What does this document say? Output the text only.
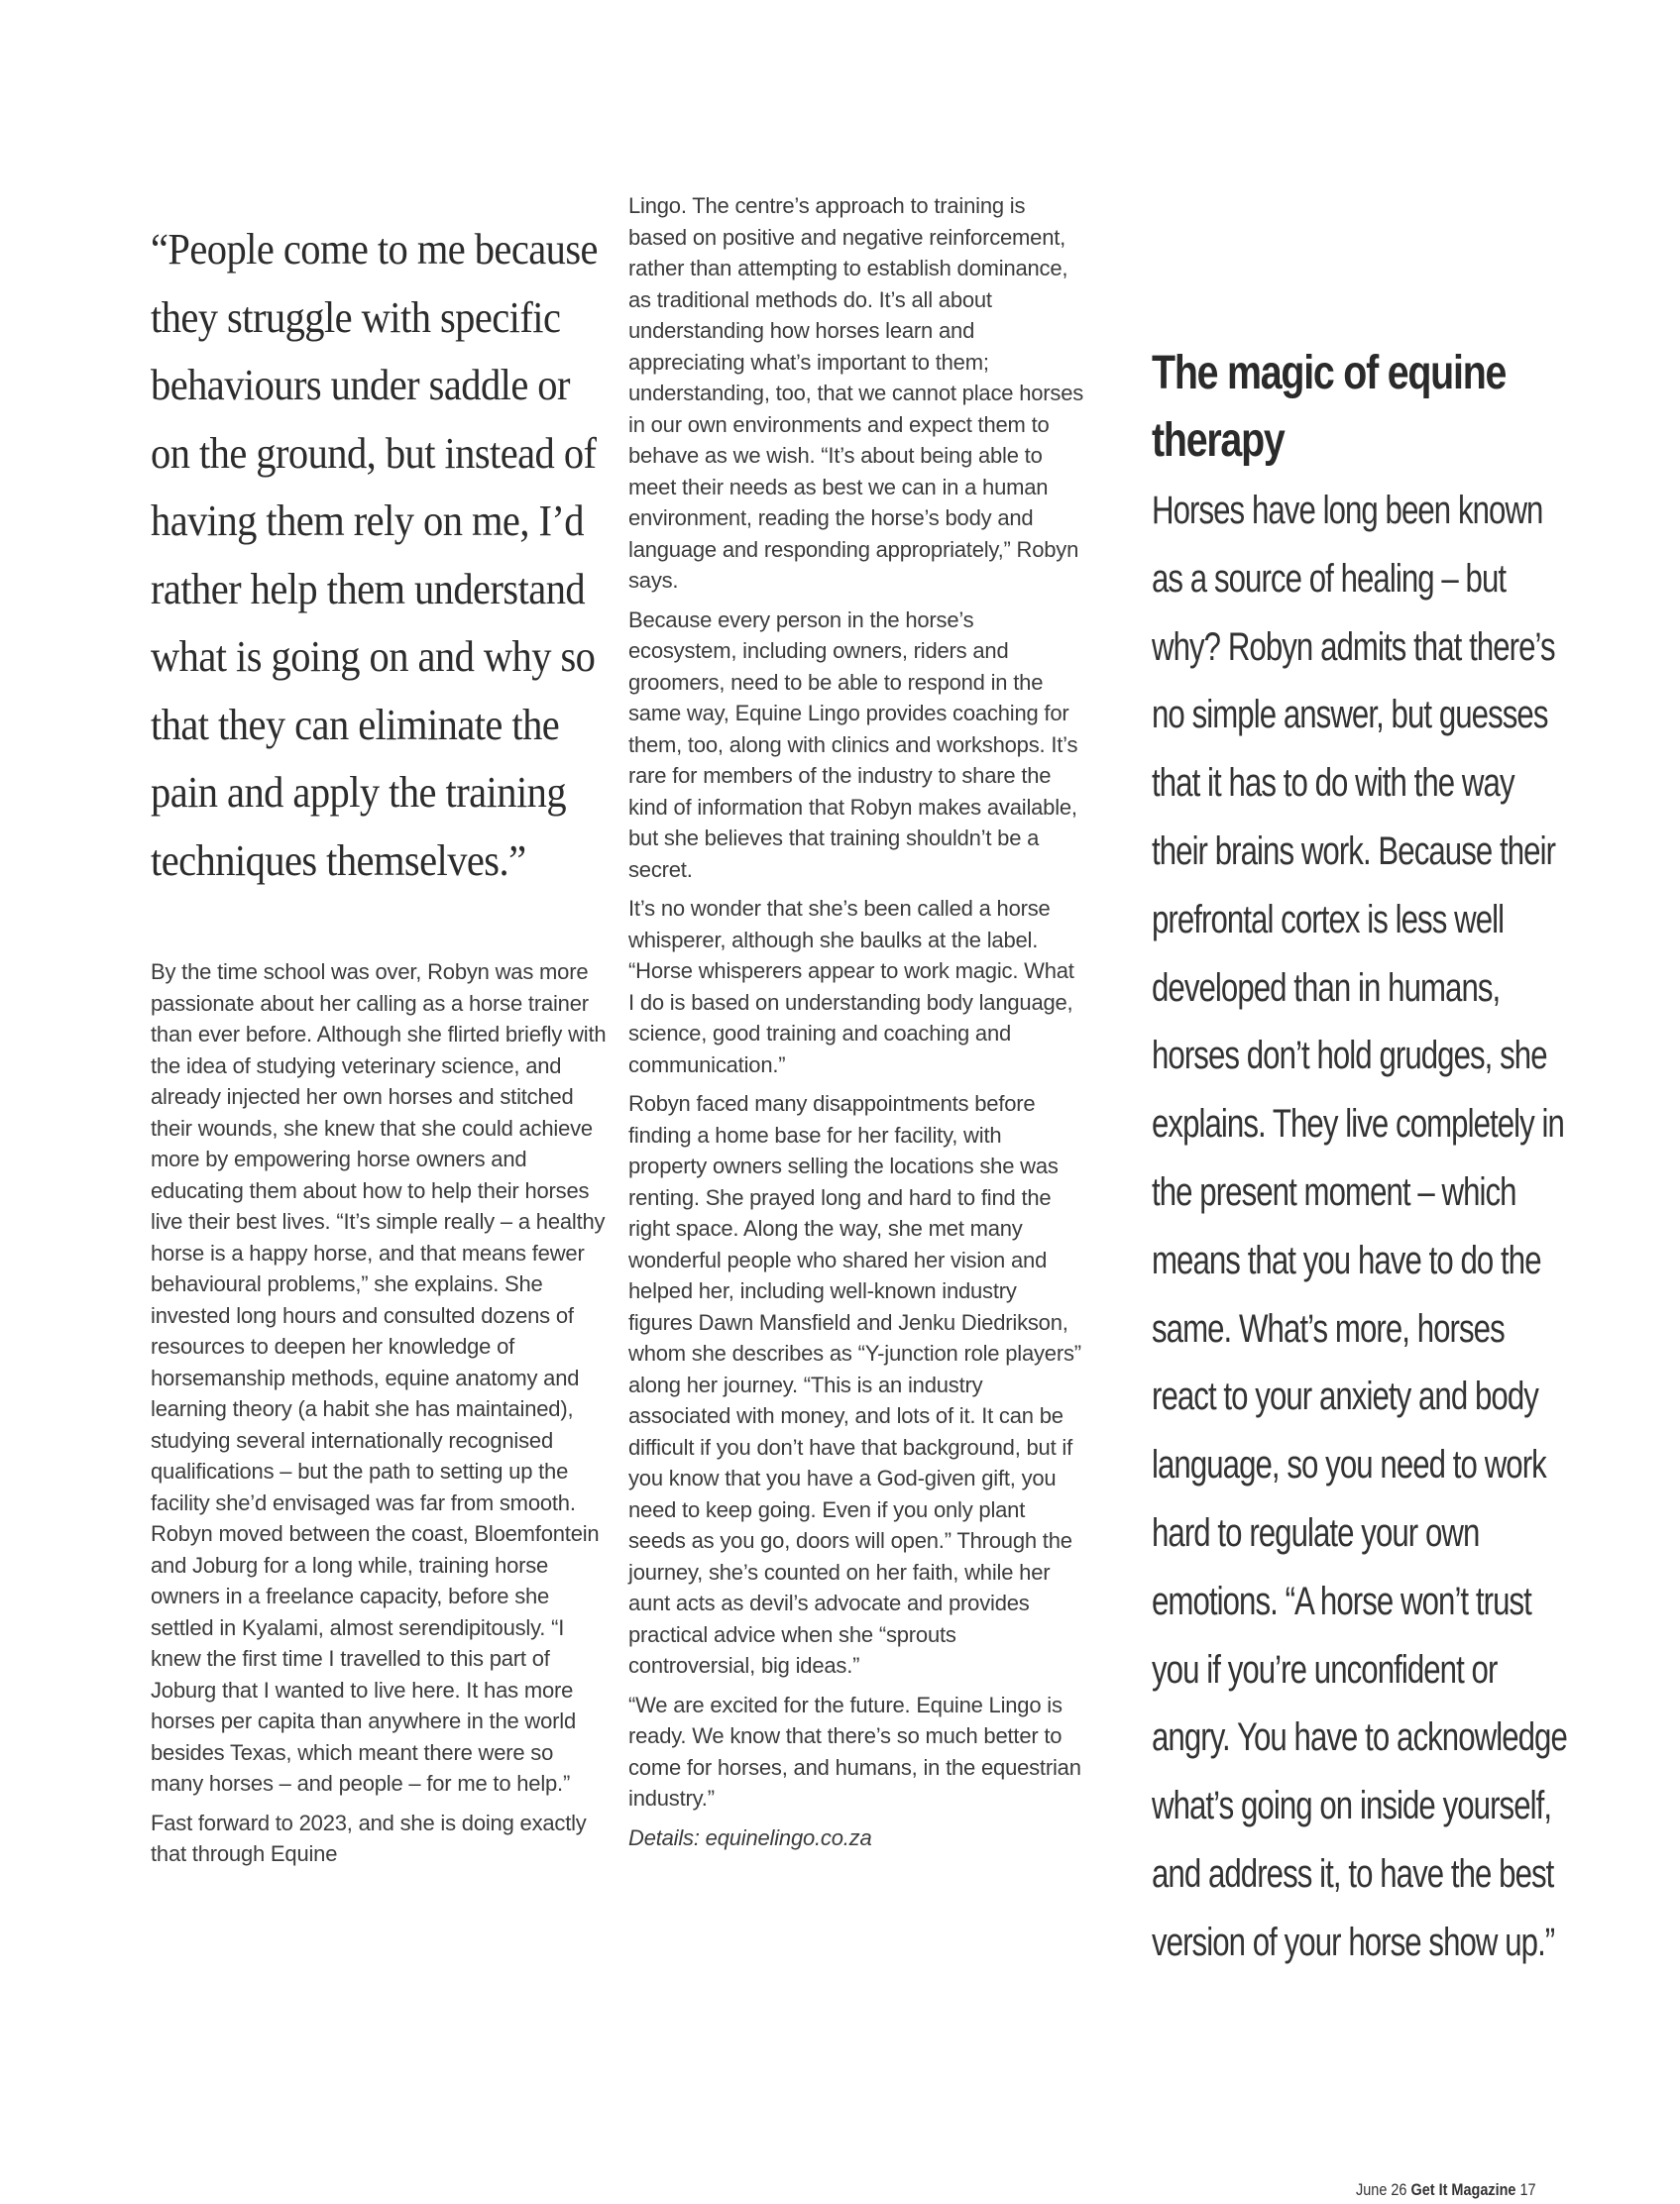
“People come to me because they struggle with specific behaviours under saddle or on the ground, but instead of having them rely on me, I’d rather help them understand what is going on and why so that they can eliminate the pain and apply the training techniques themselves.”

By the time school was over, Robyn was more passionate about her calling as a horse trainer than ever before. Although she flirted briefly with the idea of studying veterinary science, and already injected her own horses and stitched their wounds, she knew that she could achieve more by empowering horse owners and educating them about how to help their horses live their best lives. “It’s simple really – a healthy horse is a happy horse, and that means fewer behavioural problems,” she explains. She invested long hours and consulted dozens of resources to deepen her knowledge of horsemanship methods, equine anatomy and learning theory (a habit she has maintained), studying several internationally recognised qualifications – but the path to setting up the facility she’d envisaged was far from smooth. Robyn moved between the coast, Bloemfontein and Joburg for a long while, training horse owners in a freelance capacity, before she settled in Kyalami, almost serendipitously. “I knew the first time I travelled to this part of Joburg that I wanted to live here. It has more horses per capita than anywhere in the world besides Texas, which meant there were so many horses – and people – for me to help.”

Fast forward to 2023, and she is doing exactly that through Equine

Lingo. The centre’s approach to training is based on positive and negative reinforcement, rather than attempting to establish dominance, as traditional methods do. It’s all about understanding how horses learn and appreciating what’s important to them; understanding, too, that we cannot place horses in our own environments and expect them to behave as we wish. “It’s about being able to meet their needs as best we can in a human environment, reading the horse’s body and language and responding appropriately,” Robyn says.

Because every person in the horse’s ecosystem, including owners, riders and groomers, need to be able to respond in the same way, Equine Lingo provides coaching for them, too, along with clinics and workshops. It’s rare for members of the industry to share the kind of information that Robyn makes available, but she believes that training shouldn’t be a secret.

It’s no wonder that she’s been called a horse whisperer, although she baulks at the label. “Horse whisperers appear to work magic. What I do is based on understanding body language, science, good training and coaching and communication.”

Robyn faced many disappointments before finding a home base for her facility, with property owners selling the locations she was renting. She prayed long and hard to find the right space. Along the way, she met many wonderful people who shared her vision and helped her, including well-known industry figures Dawn Mansfield and Jenku Diedrikson, whom she describes as “Y-junction role players” along her journey. “This is an industry associated with money, and lots of it. It can be difficult if you don’t have that background, but if you know that you have a God-given gift, you need to keep going. Even if you only plant seeds as you go, doors will open.” Through the journey, she’s counted on her faith, while her aunt acts as devil’s advocate and provides practical advice when she “sprouts controversial, big ideas.”

“We are excited for the future. Equine Lingo is ready. We know that there’s so much better to come for horses, and humans, in the equestrian industry.”

Details: equinelingo.co.za

The magic of equine therapy

Horses have long been known as a source of healing – but why? Robyn admits that there’s no simple answer, but guesses that it has to do with the way their brains work. Because their prefrontal cortex is less well developed than in humans, horses don’t hold grudges, she explains. They live completely in the present moment – which means that you have to do the same. What’s more, horses react to your anxiety and body language, so you need to work hard to regulate your own emotions. “A horse won’t trust you if you’re unconfident or angry. You have to acknowledge what’s going on inside yourself, and address it, to have the best version of your horse show up.”

June 26 Get It Magazine 17
